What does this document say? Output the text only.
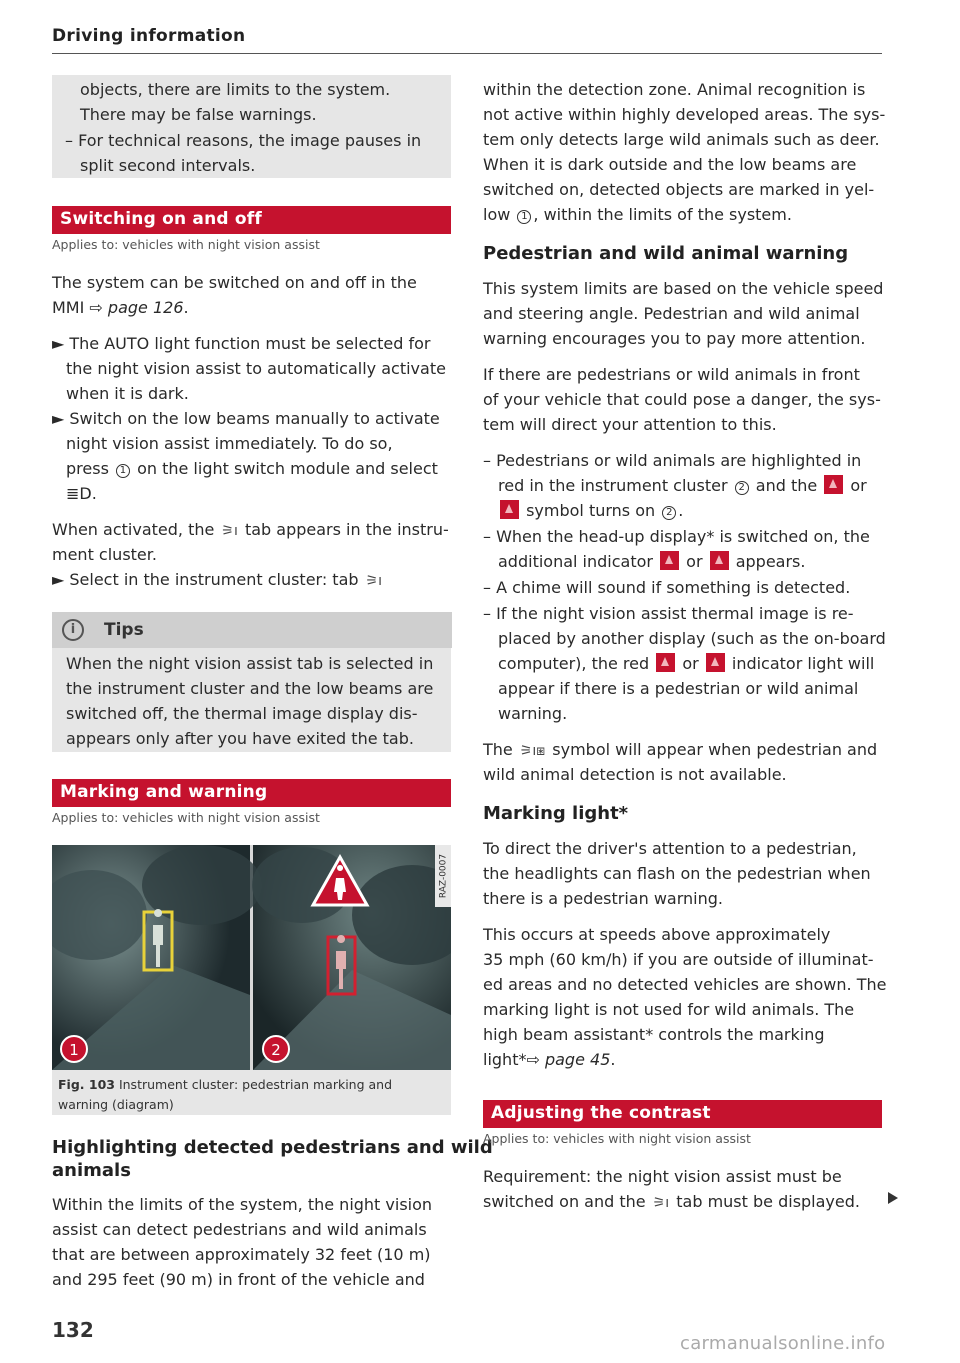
Driving information
objects, there are limits to the system.
There may be false warnings.
– For technical reasons, the image pauses in
split second intervals.
Switching on and off
Applies to: vehicles with night vision assist
The system can be switched on and off in the
MMI ⇨ page 126.
► The AUTO light function must be selected for
the night vision assist to automatically activate
when it is dark.
► Switch on the low beams manually to activate
night vision assist immediately. To do so,
press 1 on the light switch module and select
≣D.
When activated, the ⚞ı tab appears in the instru-
ment cluster.
► Select in the instrument cluster: tab ⚞ı
i	Tips
When the night vision assist tab is selected in
the instrument cluster and the low beams are
switched off, the thermal image display dis-
appears only after you have exited the tab.
Marking and warning
Applies to: vehicles with night vision assist
1	2
RAZ-0007
Fig. 103 Instrument cluster: pedestrian marking and
warning (diagram)
Highlighting detected pedestrians and wild
animals
Within the limits of the system, the night vision
assist can detect pedestrians and wild animals
that are between approximately 32 feet (10 m)
and 295 feet (90 m) in front of the vehicle and
within the detection zone. Animal recognition is
not active within highly developed areas. The sys-
tem only detects large wild animals such as deer.
When it is dark outside and the low beams are
switched on, detected objects are marked in yel-
low 1 , within the limits of the system.
Pedestrian and wild animal warning
This system limits are based on the vehicle speed
and steering angle. Pedestrian and wild animal
warning encourages you to pay more attention.
If there are pedestrians or wild animals in front
of your vehicle that could pose a danger, the sys-
tem will direct your attention to this.
– Pedestrians or wild animals are highlighted in
red in the instrument cluster 2 and the  or
symbol turns on 2 .
– When the head-up display* is switched on, the
additional indicator  or  appears.
– A chime will sound if something is detected.
– If the night vision assist thermal image is re-
placed by another display (such as the on-board
computer), the red  or  indicator light will
appear if there is a pedestrian or wild animal
warning.
The ⚞ı⧆ symbol will appear when pedestrian and
wild animal detection is not available.
Marking light*
To direct the driver's attention to a pedestrian,
the headlights can flash on the pedestrian when
there is a pedestrian warning.
This occurs at speeds above approximately
35 mph (60 km/h) if you are outside of illuminat-
ed areas and no detected vehicles are shown. The
marking light is not used for wild animals. The
high beam assistant* controls the marking
light*⇨ page 45.
Adjusting the contrast
Applies to: vehicles with night vision assist
Requirement: the night vision assist must be
switched on and the ⚞ı tab must be displayed.
132
carmanualsonline.info
